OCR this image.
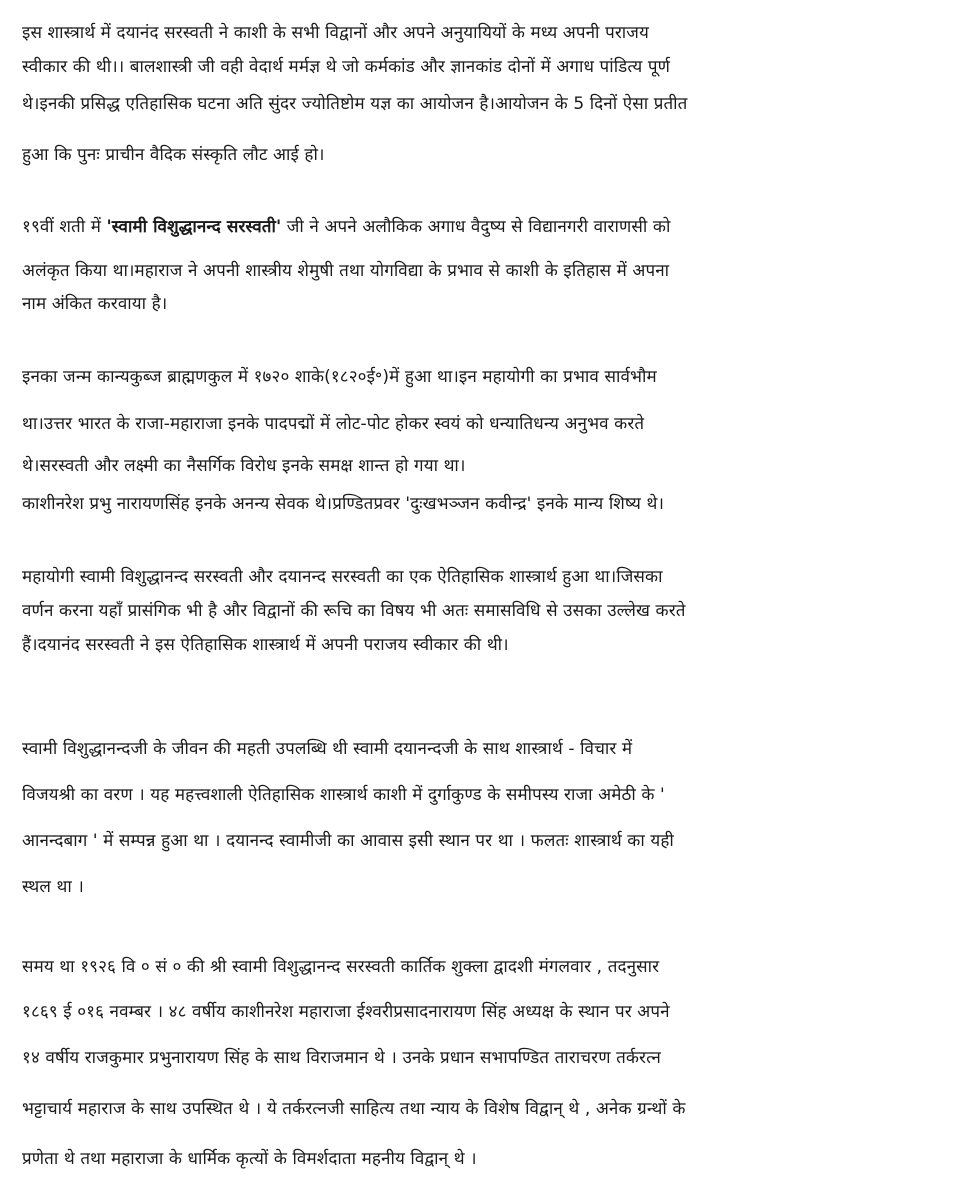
इस शास्त्रार्थ में दयानंद सरस्वती ने काशी के सभी विद्वानों और अपने अनुयायियों के मध्य अपनी पराजय
स्वीकार की थी।। बालशास्त्री जी वही वेदार्थ मर्मज्ञ थे जो कर्मकांड और ज्ञानकांड दोनों में अगाध पांडित्य पूर्ण
थे।इनकी प्रसिद्ध एतिहासिक घटना अति सुंदर ज्योतिष्टोम यज्ञ का आयोजन है।आयोजन के 5 दिनों ऐसा प्रतीत
हुआ कि पुनः प्राचीन वैदिक संस्कृति लौट आई हो।
१९वीं शती में 'स्वामी विशुद्धानन्द सरस्वती' जी ने अपने अलौकिक अगाध वैदुष्य से विद्यानगरी वाराणसी को
अलंकृत किया था।महाराज ने अपनी शास्त्रीय शेमुषी तथा योगविद्या के प्रभाव से काशी के इतिहास में अपना
नाम अंकित करवाया है।
इनका जन्म कान्यकुब्ज ब्राह्मणकुल में १७२० शाके(१८२०ई॰)में हुआ था।इन महायोगी का प्रभाव सार्वभौम
था।उत्तर भारत के राजा-महाराजा इनके पादपद्मों में लोट-पोट होकर स्वयं को धन्यातिधन्य अनुभव करते
थे।सरस्वती और लक्ष्मी का नैसर्गिक विरोध इनके समक्ष शान्त हो गया था।
काशीनरेश प्रभु नारायणसिंह इनके अनन्य सेवक थे।प्रण्डितप्रवर 'दुःखभञ्जन कवीन्द्र' इनके मान्य शिष्य थे।
महायोगी स्वामी विशुद्धानन्द सरस्वती और दयानन्द सरस्वती का एक ऐतिहासिक शास्त्रार्थ हुआ था।जिसका
वर्णन करना यहाँ प्रासंगिक भी है और विद्वानों की रूचि का विषय भी अतः समासविधि से उसका उल्लेख करते
हैं।दयानंद सरस्वती ने इस ऐतिहासिक शास्त्रार्थ में अपनी पराजय स्वीकार की थी।
स्वामी विशुद्धानन्दजी के जीवन की महती उपलब्धि थी स्वामी दयानन्दजी के साथ शास्त्रार्थ - विचार में
विजयश्री का वरण । यह महत्त्वशाली ऐतिहासिक शास्त्रार्थ काशी में दुर्गाकुण्ड के समीपस्य राजा अमेठी के '
आनन्दबाग ' में सम्पन्न हुआ था । दयानन्द स्वामीजी का आवास इसी स्थान पर था । फलतः शास्त्रार्थ का यही
स्थल था ।
समय था १९२६ वि ० सं ० की श्री स्वामी विशुद्धानन्द सरस्वती कार्तिक शुक्ला द्वादशी मंगलवार , तदनुसार
१८६९ ई ०१६ नवम्बर । ४८ वर्षीय काशीनरेश महाराजा ईश्वरीप्रसादनारायण सिंह अध्यक्ष के स्थान पर अपने
१४ वर्षीय राजकुमार प्रभुनारायण सिंह के साथ विराजमान थे । उनके प्रधान सभापण्डित ताराचरण तर्करत्न
भट्टाचार्य महाराज के साथ उपस्थित थे । ये तर्करत्नजी साहित्य तथा न्याय के विशेष विद्वान् थे , अनेक ग्रन्थों के
प्रणेता थे तथा महाराजा के धार्मिक कृत्यों के विमर्शदाता महनीय विद्वान् थे ।
